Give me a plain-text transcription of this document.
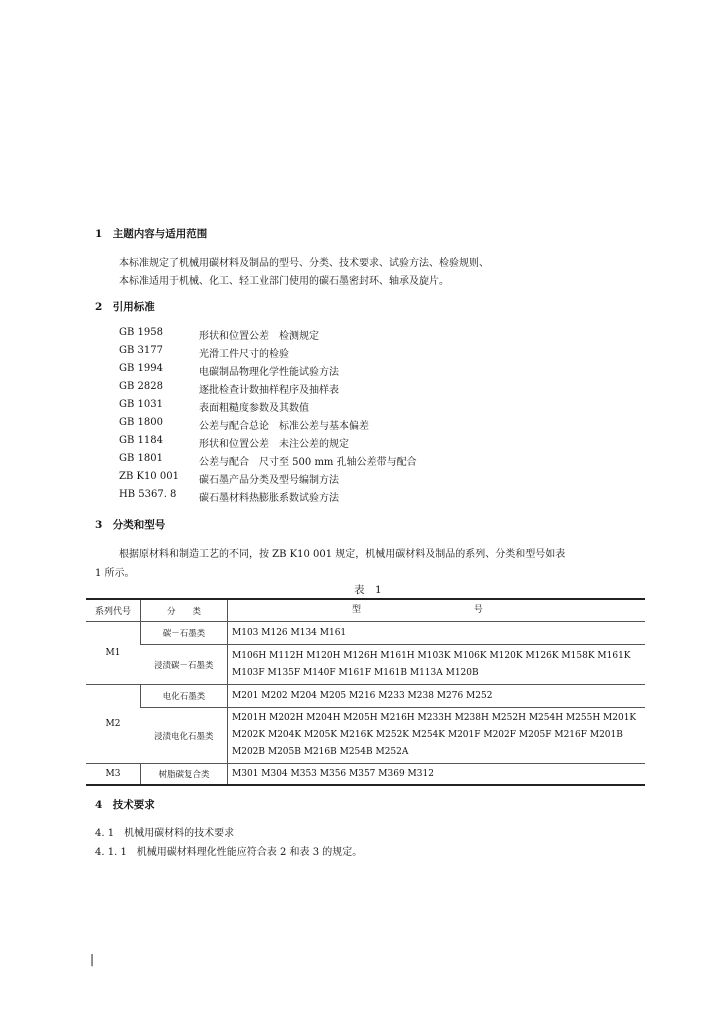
1　主题内容与适用范围
本标准规定了机械用碳材料及制品的型号、分类、技术要求、试验方法、检验规则、
本标准适用于机械、化工、轻工业部门使用的碳石墨密封环、轴承及旋片。
2　引用标准
GB 1958	形状和位置公差　检测规定
GB 3177	光滑工件尺寸的检验
GB 1994	电碳制品物理化学性能试验方法
GB 2828	逐批检查计数抽样程序及抽样表
GB 1031	表面粗糙度参数及其数值
GB 1800	公差与配合总论　标准公差与基本偏差
GB 1184	形状和位置公差　未注公差的规定
GB 1801	公差与配合　尺寸至 500 mm 孔轴公差带与配合
ZB K10 001 碳石墨产品分类及型号编制方法
HB 5367. 8 碳石墨材料热膨胀系数试验方法
3　分类和型号
根据原材料和制造工艺的不同，按 ZB K10 001 规定，机械用碳材料及制品的系列、分类和型号如表
1 所示。
表　1
系列代号	分　　类	型 号
M1	碳－石墨类	M103 M126 M134 M161

	浸渍碳－石墨类	M106H M112H M120H M126H M161H M103K M106K M120K M126K M158K M161K
M103F M135F M140F M161F M161B M113A M120B

M2	电化石墨类	M201 M202 M204 M205 M216 M233 M238 M276 M252

	浸渍电化石墨类	M201H M202H M204H M205H M216H M233H M238H M252H M254H M255H M201K
M202K M204K M205K M216K M252K M254K M201F M202F M205F M216F M201B
M202B M205B M216B M254B M252A

M3	树脂碳复合类	M301 M304 M353 M356 M357 M369 M312
4　技术要求
4. 1　机械用碳材料的技术要求
4. 1. 1　机械用碳材料理化性能应符合表 2 和表 3 的规定。
|
